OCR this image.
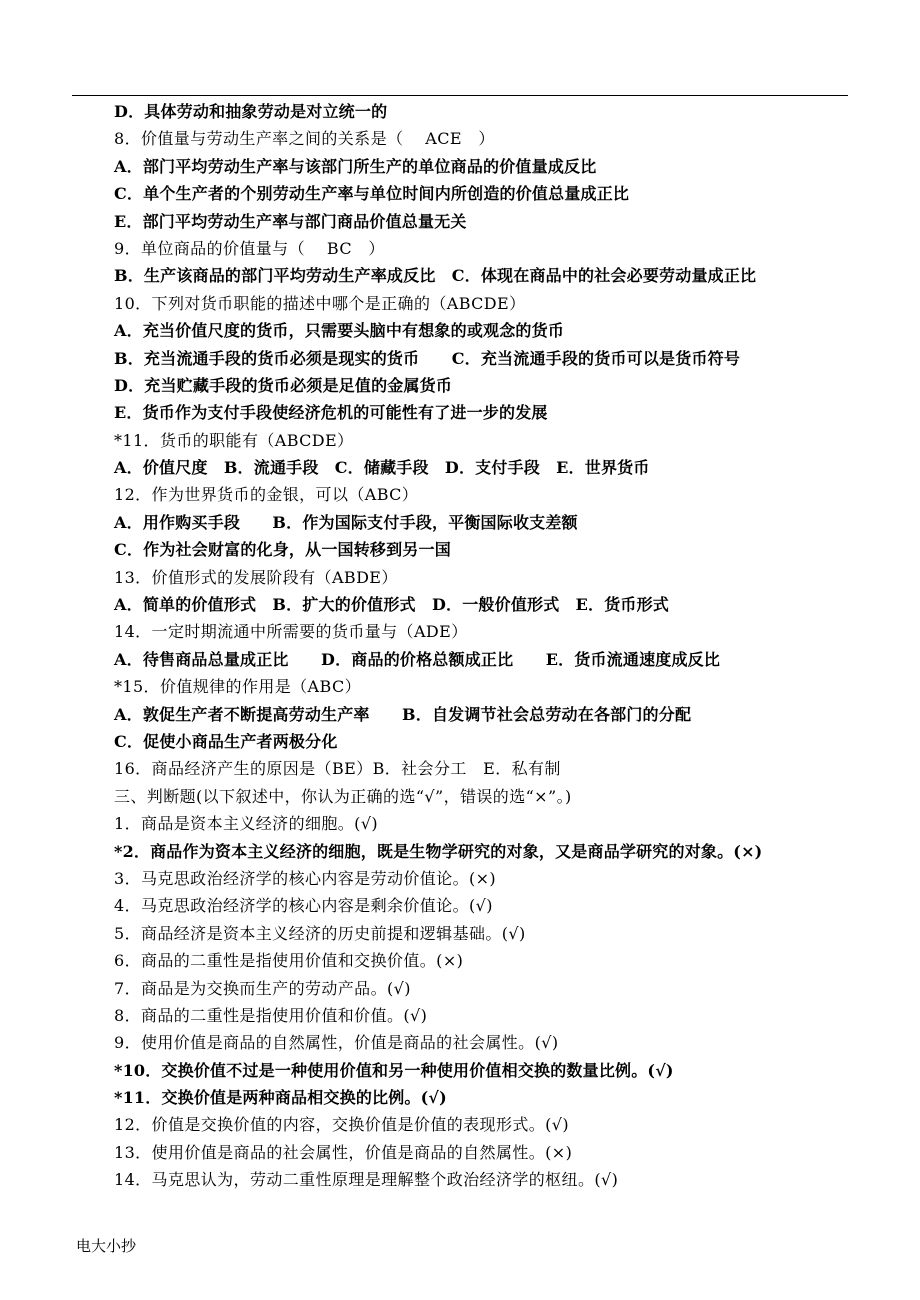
D．具体劳动和抽象劳动是对立统一的
8．价值量与劳动生产率之间的关系是（　 ACE　）
A．部门平均劳动生产率与该部门所生产的单位商品的价值量成反比
C．单个生产者的个别劳动生产率与单位时间内所创造的价值总量成正比
E．部门平均劳动生产率与部门商品价值总量无关
9．单位商品的价值量与（　 BC　）
B．生产该商品的部门平均劳动生产率成反比　C．体现在商品中的社会必要劳动量成正比
10．下列对货币职能的描述中哪个是正确的（ABCDE）
A．充当价值尺度的货币，只需要头脑中有想象的或观念的货币
B．充当流通手段的货币必须是现实的货币　　C．充当流通手段的货币可以是货币符号
D．充当贮藏手段的货币必须是足值的金属货币
E．货币作为支付手段使经济危机的可能性有了进一步的发展
*11．货币的职能有（ABCDE）
A．价值尺度　B．流通手段　C．储藏手段　D．支付手段　E．世界货币
12．作为世界货币的金银，可以（ABC）
A．用作购买手段　　B．作为国际支付手段，平衡国际收支差额
C．作为社会财富的化身，从一国转移到另一国
13．价值形式的发展阶段有（ABDE）
A．简单的价值形式　B．扩大的价值形式　D．一般价值形式　E．货币形式
14．一定时期流通中所需要的货币量与（ADE）
A．待售商品总量成正比　　D．商品的价格总额成正比　　E．货币流通速度成反比
*15．价值规律的作用是（ABC）
A．敦促生产者不断提高劳动生产率　　B．自发调节社会总劳动在各部门的分配
C．促使小商品生产者两极分化
16．商品经济产生的原因是（BE）B．社会分工　E．私有制
三、判断题(以下叙述中，你认为正确的选“√”，错误的选“×”。)
1．商品是资本主义经济的细胞。(√)
*2．商品作为资本主义经济的细胞，既是生物学研究的对象，又是商品学研究的对象。(×)
3．马克思政治经济学的核心内容是劳动价值论。(×)
4．马克思政治经济学的核心内容是剩余价值论。(√)
5．商品经济是资本主义经济的历史前提和逻辑基础。(√)
6．商品的二重性是指使用价值和交换价值。(×)
7．商品是为交换而生产的劳动产品。(√)
8．商品的二重性是指使用价值和价值。(√)
9．使用价值是商品的自然属性，价值是商品的社会属性。(√)
*10．交换价值不过是一种使用价值和另一种使用价值相交换的数量比例。(√)
*11．交换价值是两种商品相交换的比例。(√)
12．价值是交换价值的内容，交换价值是价值的表现形式。(√)
13．使用价值是商品的社会属性，价值是商品的自然属性。(×)
14．马克思认为，劳动二重性原理是理解整个政治经济学的枢纽。(√)
电大小抄
